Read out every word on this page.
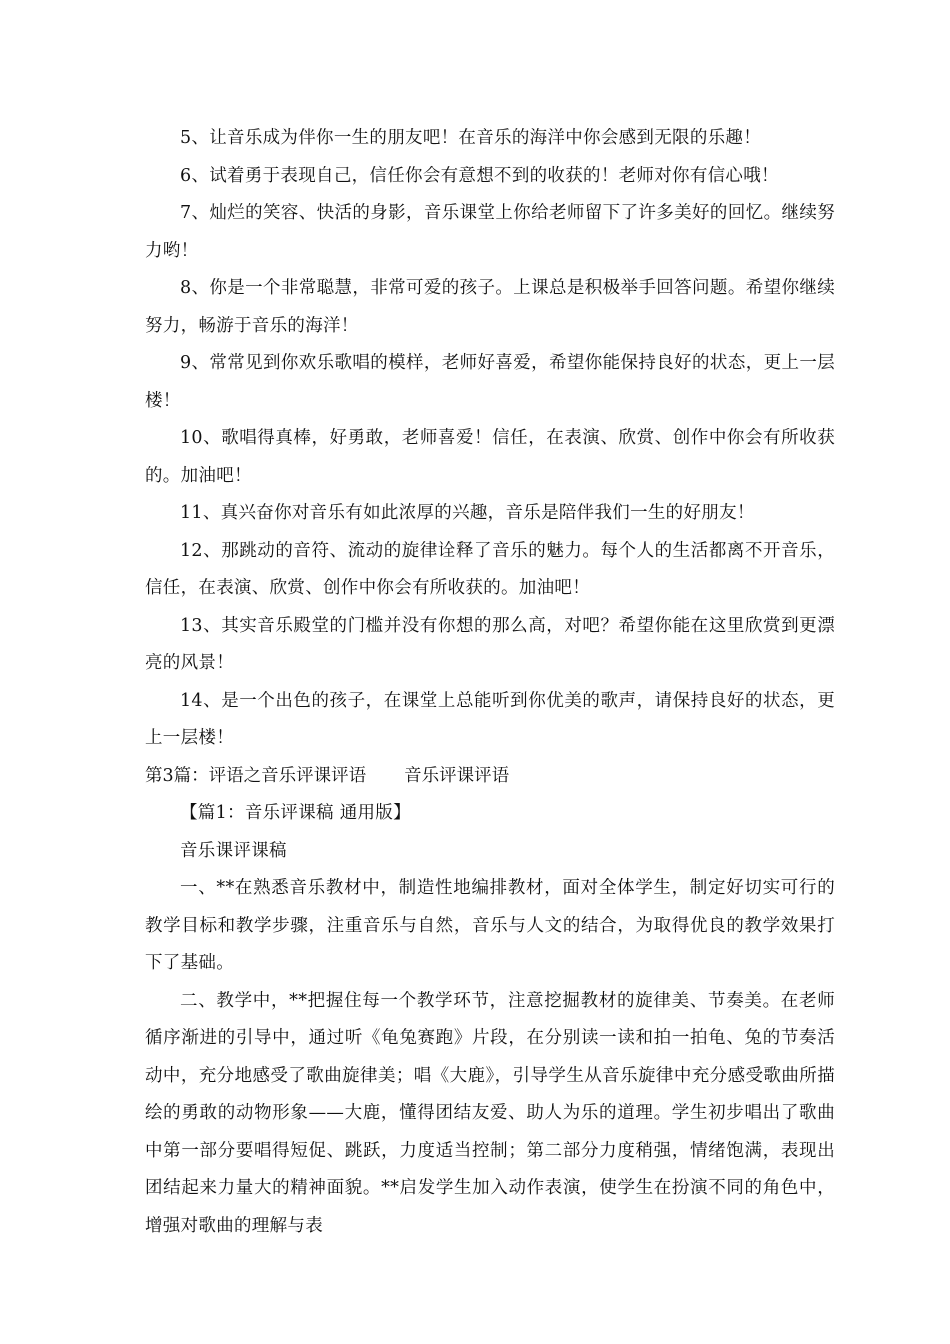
5、让音乐成为伴你一生的朋友吧！在音乐的海洋中你会感到无限的乐趣！

6、试着勇于表现自己，信任你会有意想不到的收获的！老师对你有信心哦！

7、灿烂的笑容、快活的身影，音乐课堂上你给老师留下了许多美好的回忆。继续努力哟！

8、你是一个非常聪慧，非常可爱的孩子。上课总是积极举手回答问题。希望你继续努力，畅游于音乐的海洋！

9、常常见到你欢乐歌唱的模样，老师好喜爱，希望你能保持良好的状态，更上一层楼！

10、歌唱得真棒，好勇敢，老师喜爱！信任，在表演、欣赏、创作中你会有所收获的。加油吧！

11、真兴奋你对音乐有如此浓厚的兴趣，音乐是陪伴我们一生的好朋友！

12、那跳动的音符、流动的旋律诠释了音乐的魅力。每个人的生活都离不开音乐，信任，在表演、欣赏、创作中你会有所收获的。加油吧！

13、其实音乐殿堂的门槛并没有你想的那么高，对吧？希望你能在这里欣赏到更漂亮的风景！

14、是一个出色的孩子，在课堂上总能听到你优美的歌声，请保持良好的状态，更上一层楼！

第3篇：评语之音乐评课评语 音乐评课评语

【篇1：音乐评课稿 通用版】

音乐课评课稿

一、**在熟悉音乐教材中，制造性地编排教材，面对全体学生，制定好切实可行的教学目标和教学步骤，注重音乐与自然，音乐与人文的结合，为取得优良的教学效果打下了基础。

二、教学中，**把握住每一个教学环节，注意挖掘教材的旋律美、节奏美。在老师循序渐进的引导中，通过听《龟兔赛跑》片段，在分别读一读和拍一拍龟、兔的节奏活动中，充分地感受了歌曲旋律美；唱《大鹿》，引导学生从音乐旋律中充分感受歌曲所描绘的勇敢的动物形象——大鹿，懂得团结友爱、助人为乐的道理。学生初步唱出了歌曲中第一部分要唱得短促、跳跃，力度适当控制；第二部分力度稍强，情绪饱满，表现出团结起来力量大的精神面貌。**启发学生加入动作表演，使学生在扮演不同的角色中，增强对歌曲的理解与表
